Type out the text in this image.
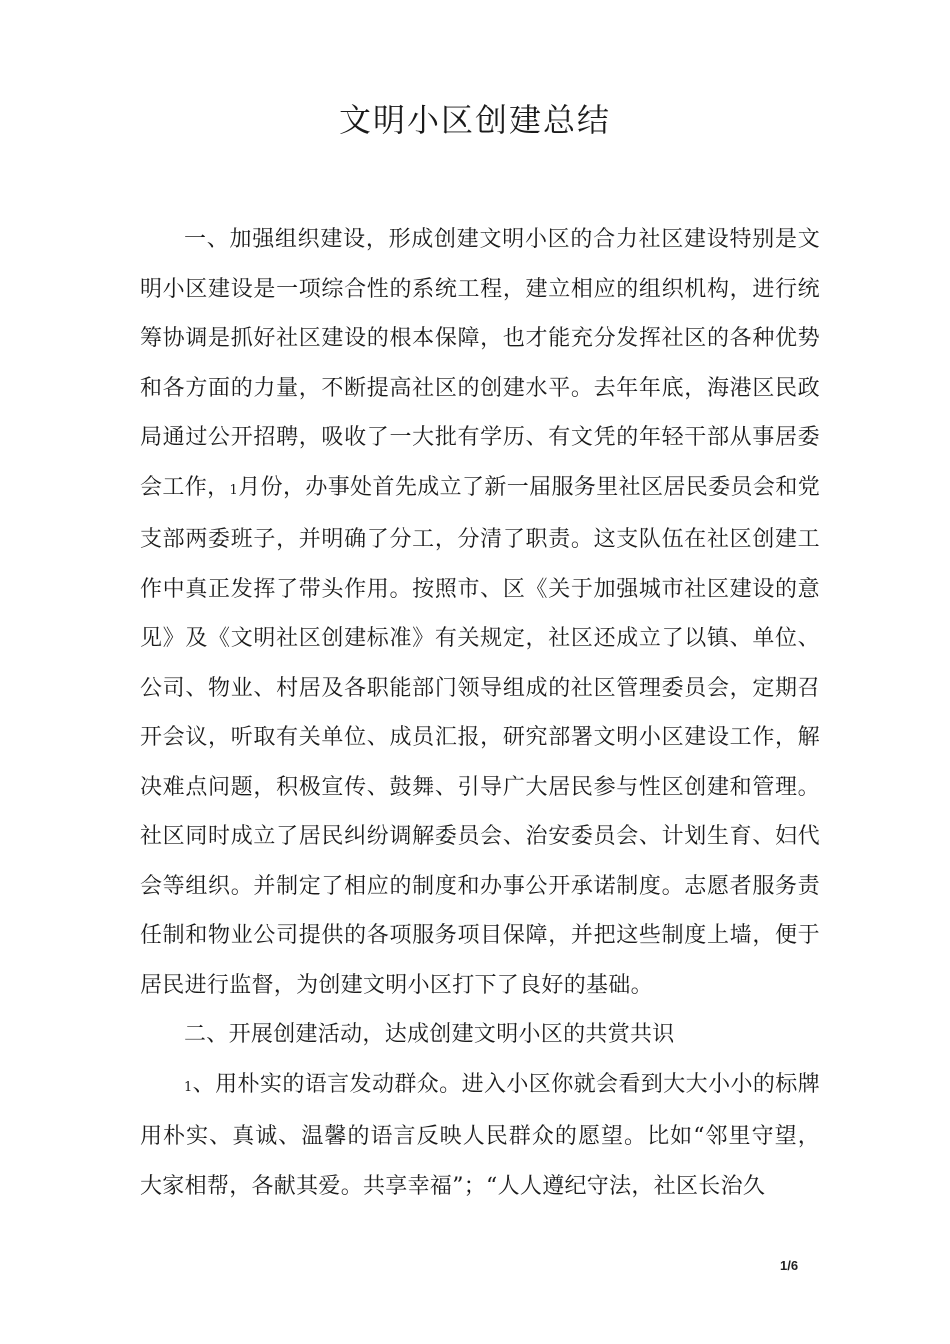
文明小区创建总结

一、加强组织建设，形成创建文明小区的合力社区建设特别是文明小区建设是一项综合性的系统工程，建立相应的组织机构，进行统筹协调是抓好社区建设的根本保障，也才能充分发挥社区的各种优势和各方面的力量，不断提高社区的创建水平。去年年底，海港区民政局通过公开招聘，吸收了一大批有学历、有文凭的年轻干部从事居委会工作，1月份，办事处首先成立了新一届服务里社区居民委员会和党支部两委班子，并明确了分工，分清了职责。这支队伍在社区创建工作中真正发挥了带头作用。按照市、区《关于加强城市社区建设的意见》及《文明社区创建标准》有关规定，社区还成立了以镇、单位、公司、物业、村居及各职能部门领导组成的社区管理委员会，定期召开会议，听取有关单位、成员汇报，研究部署文明小区建设工作，解决难点问题，积极宣传、鼓舞、引导广大居民参与性区创建和管理。社区同时成立了居民纠纷调解委员会、治安委员会、计划生育、妇代会等组织。并制定了相应的制度和办事公开承诺制度。志愿者服务责任制和物业公司提供的各项服务项目保障，并把这些制度上墙，便于居民进行监督，为创建文明小区打下了良好的基础。

二、开展创建活动，达成创建文明小区的共赏共识

1、用朴实的语言发动群众。进入小区你就会看到大大小小的标牌用朴实、真诚、温馨的语言反映人民群众的愿望。比如“邻里守望，大家相帮，各献其爱。共享幸福”；“人人遵纪守法，社区长治久

1/6
